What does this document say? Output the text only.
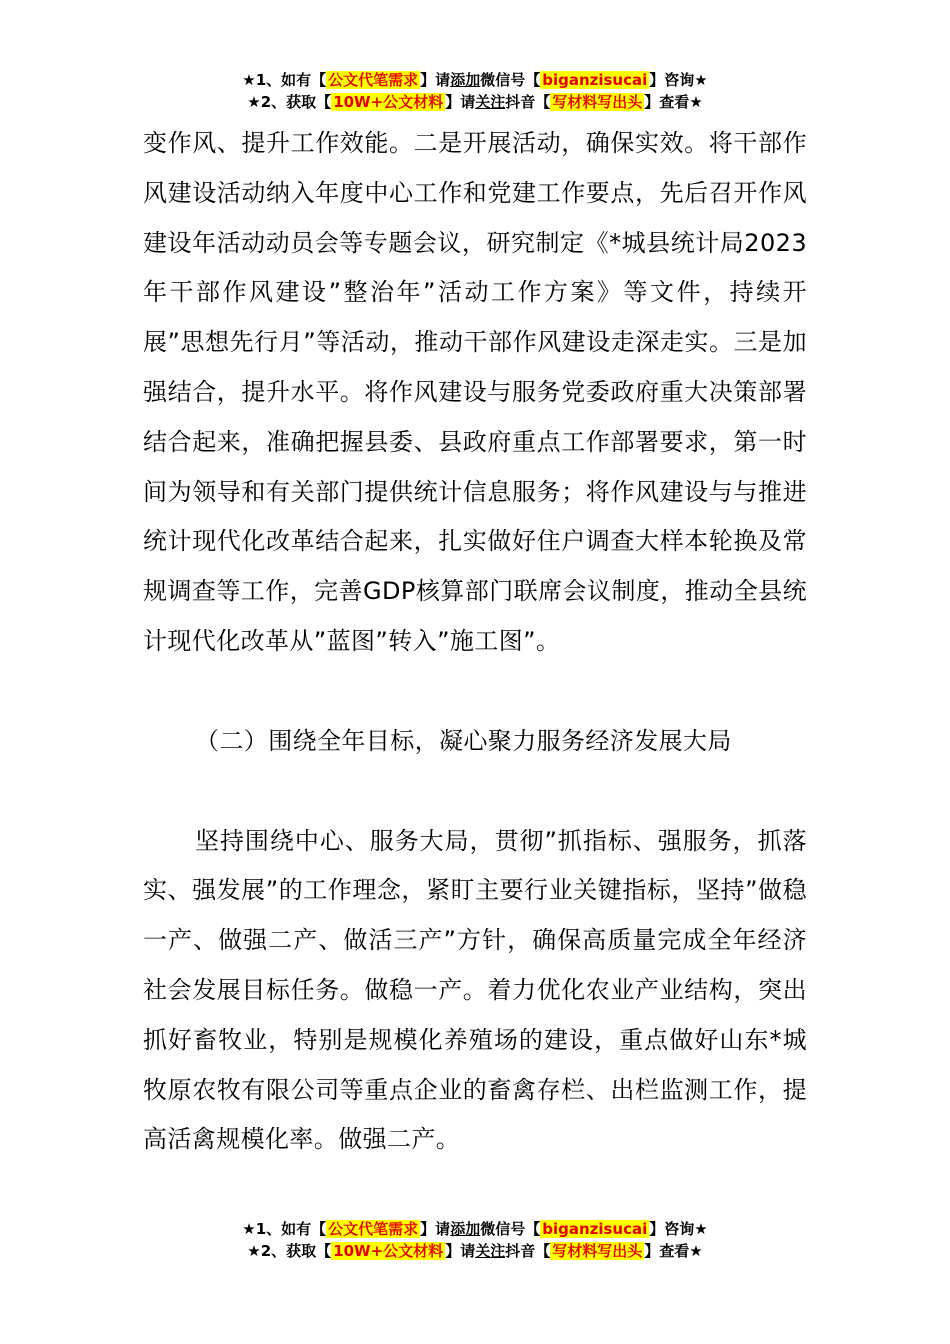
★1、如有【 公文代笔需求 】请添加微信号【 biganzisucai 】咨询★
★2、获取【 10W+公文材料 】请关注抖音【 写材料写出头 】查看★

变作风、提升工作效能。二是开展活动，确保实效。将干部作风建设活动纳入年度中心工作和党建工作要点，先后召开作风建设年活动动员会等专题会议，研究制定《*城县统计局2023年干部作风建设”整治年”活动工作方案》等文件，持续开展”思想先行月”等活动，推动干部作风建设走深走实。三是加强结合，提升水平。将作风建设与服务党委政府重大决策部署结合起来，准确把握县委、县政府重点工作部署要求，第一时间为领导和有关部门提供统计信息服务；将作风建设与与推进统计现代化改革结合起来，扎实做好住户调查大样本轮换及常规调查等工作，完善GDP核算部门联席会议制度，推动全县统计现代化改革从”蓝图”转入”施工图”。

（二）围绕全年目标，凝心聚力服务经济发展大局

坚持围绕中心、服务大局，贯彻”抓指标、强服务，抓落实、强发展”的工作理念，紧盯主要行业关键指标，坚持”做稳一产、做强二产、做活三产”方针，确保高质量完成全年经济社会发展目标任务。做稳一产。着力优化农业产业结构，突出抓好畜牧业，特别是规模化养殖场的建设，重点做好山东*城牧原农牧有限公司等重点企业的畜禽存栏、出栏监测工作，提高活禽规模化率。做强二产。

★1、如有【 公文代笔需求 】请添加微信号【 biganzisucai 】咨询★
★2、获取【 10W+公文材料 】请关注抖音【 写材料写出头 】查看★
